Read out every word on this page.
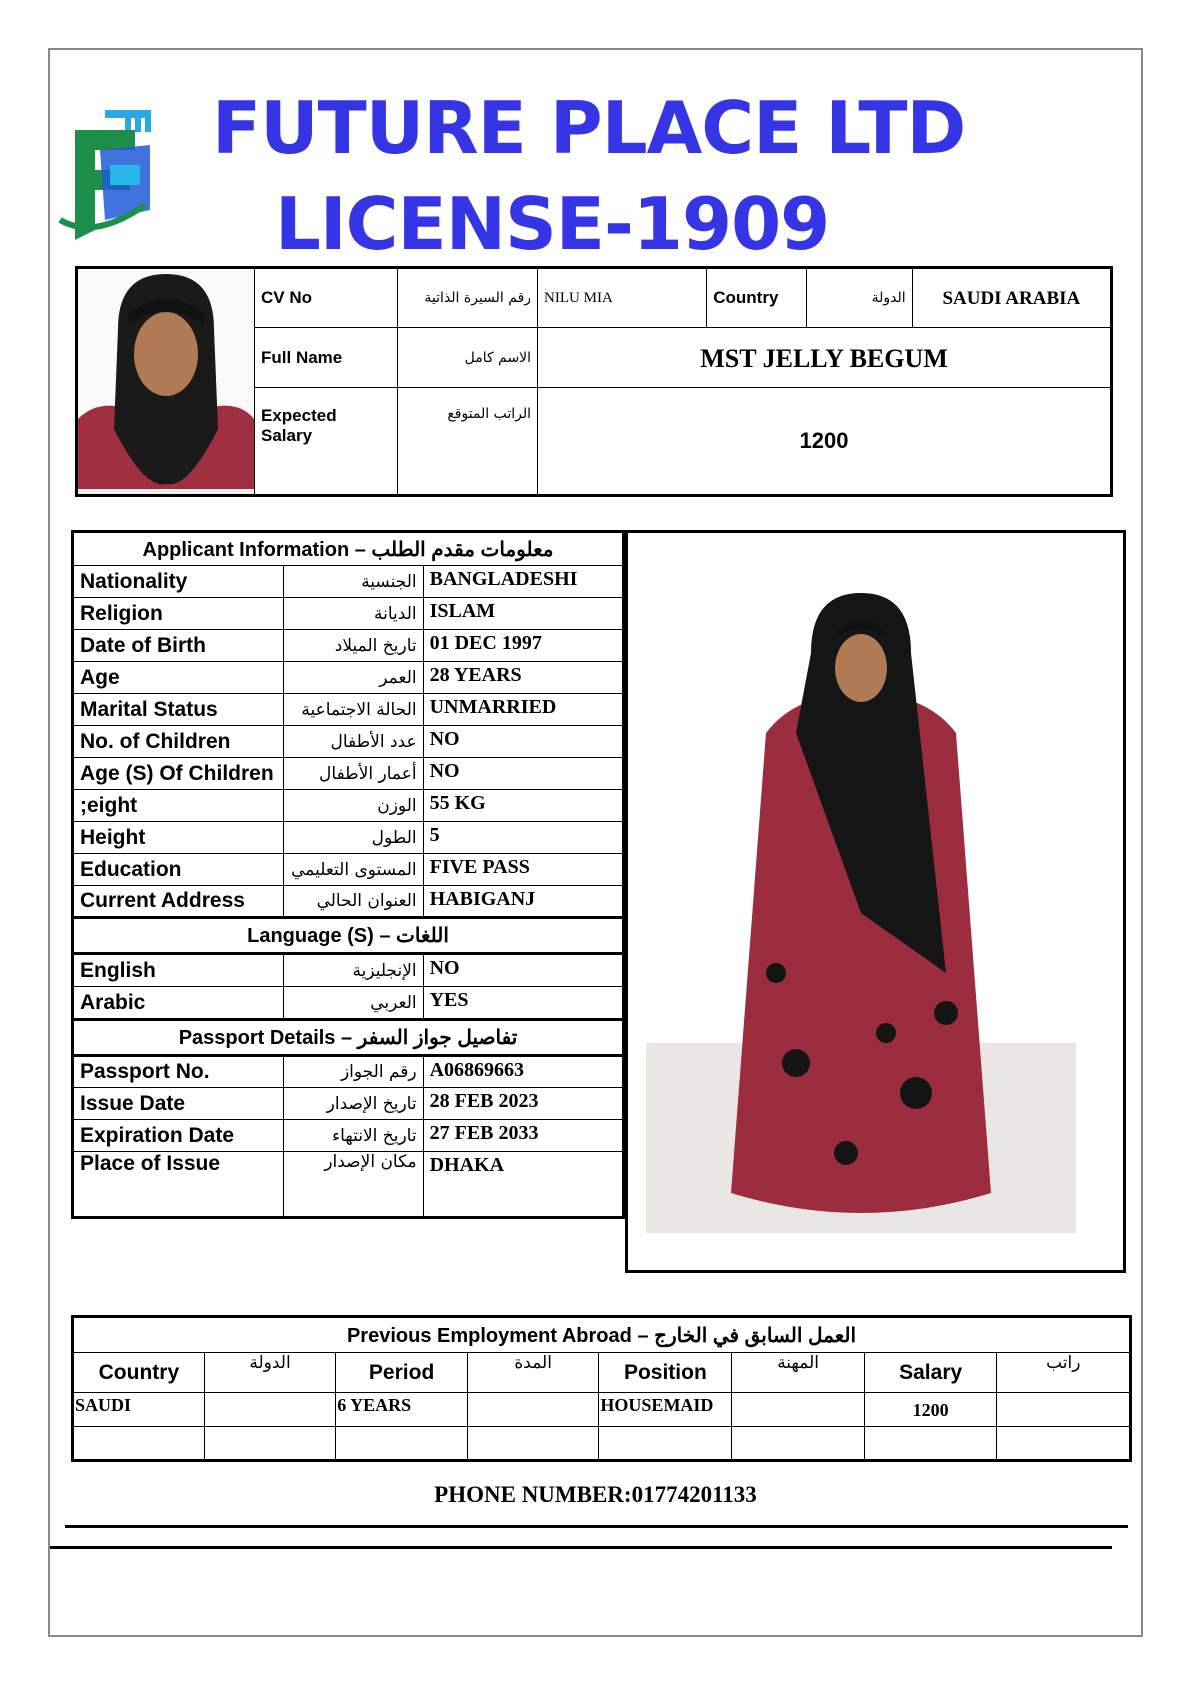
FUTURE PLACE LTD
LICENSE-1909
	CV No	رقم السيرة الذاتية	NILU MIA	Country	الدولة	SAUDI ARABIA
	Full Name	الاسم كامل	MST JELLY BEGUM			
	Expected Salary	الراتب المتوقع	1200			
Applicant Information – معلومات مقدم الطلب		
Nationality	الجنسية	BANGLADESHI
Religion	الديانة	ISLAM
Date of Birth	تاريخ الميلاد	01 DEC 1997
Age	العمر	28 YEARS
Marital Status	الحالة الاجتماعية	UNMARRIED
No. of Children	عدد الأطفال	NO
Age (S) Of Children	أعمار الأطفال	NO
;eight	الوزن	55 KG
Height	الطول	5
Education	المستوى التعليمي	FIVE PASS
Current Address	العنوان الحالي	HABIGANJ
Language (S) – اللغات		
English	الإنجليزية	NO
Arabic	العربي	YES
Passport Details – تفاصيل جواز السفر		
Passport No.	رقم الجواز	A06869663
Issue Date	تاريخ الإصدار	28 FEB 2023
Expiration Date	تاريخ الانتهاء	27 FEB 2033
Place of Issue	مكان الإصدار	DHAKA
Previous Employment Abroad – العمل السابق في الخارج							
Country	الدولة	Period	المدة	Position	المهنة	Salary	راتب
SAUDI		6 YEARS		HOUSEMAID		1200	

PHONE NUMBER:01774201133
